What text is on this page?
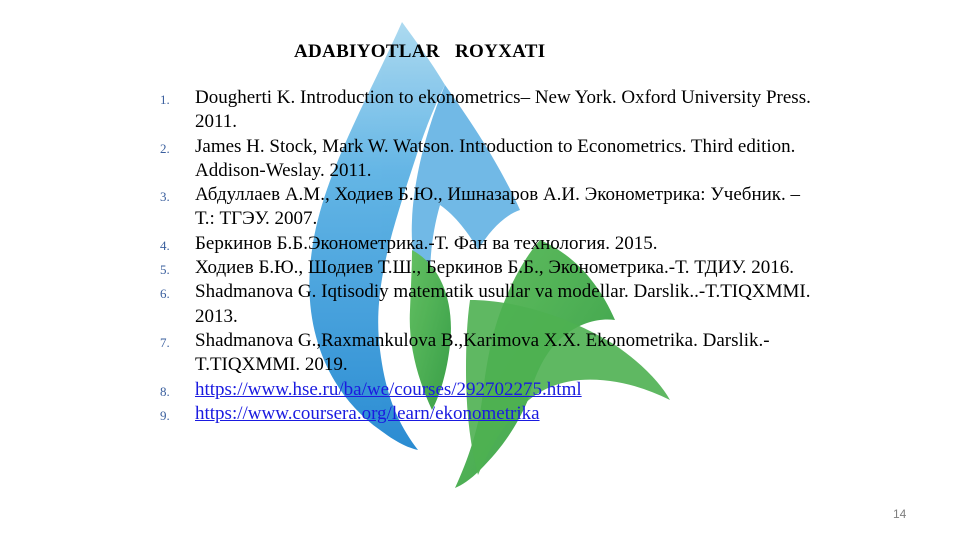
ADABIYOTLAR   ROYXATI
1.	Dougherti K. Introduction to ekonometrics– New York. Oxford University Press. 2011.
2.	James H. Stock, Mark W. Watson. Introduction to Econometrics. Third edition. Addison-Weslay. 2011.
3.	Абдуллаев А.М., Ходиев Б.Ю., Ишназаров А.И. Эконометрика: Учебник. – Т.: ТГЭУ. 2007.
4.	Беркинов Б.Б.Эконометрика.-Т. Фан ва технология. 2015.
5.	Ходиев Б.Ю., Шодиев Т.Ш., Беркинов Б.Б., Эконометрика.-Т. ТДИУ. 2016.
6.	Shadmanova G. Iqtisodiy matematik usullar va modellar. Darslik..-T.TIQXMMI. 2013.
7.	Shadmanova G.,Raxmankulova B.,Karimova X.X. Ekonometrika. Darslik.-T.TIQXMMI. 2019.
8.	https://www.hse.ru/ba/we/courses/292702275.html
9.	https://www.coursera.org/learn/ekonometrika
14
